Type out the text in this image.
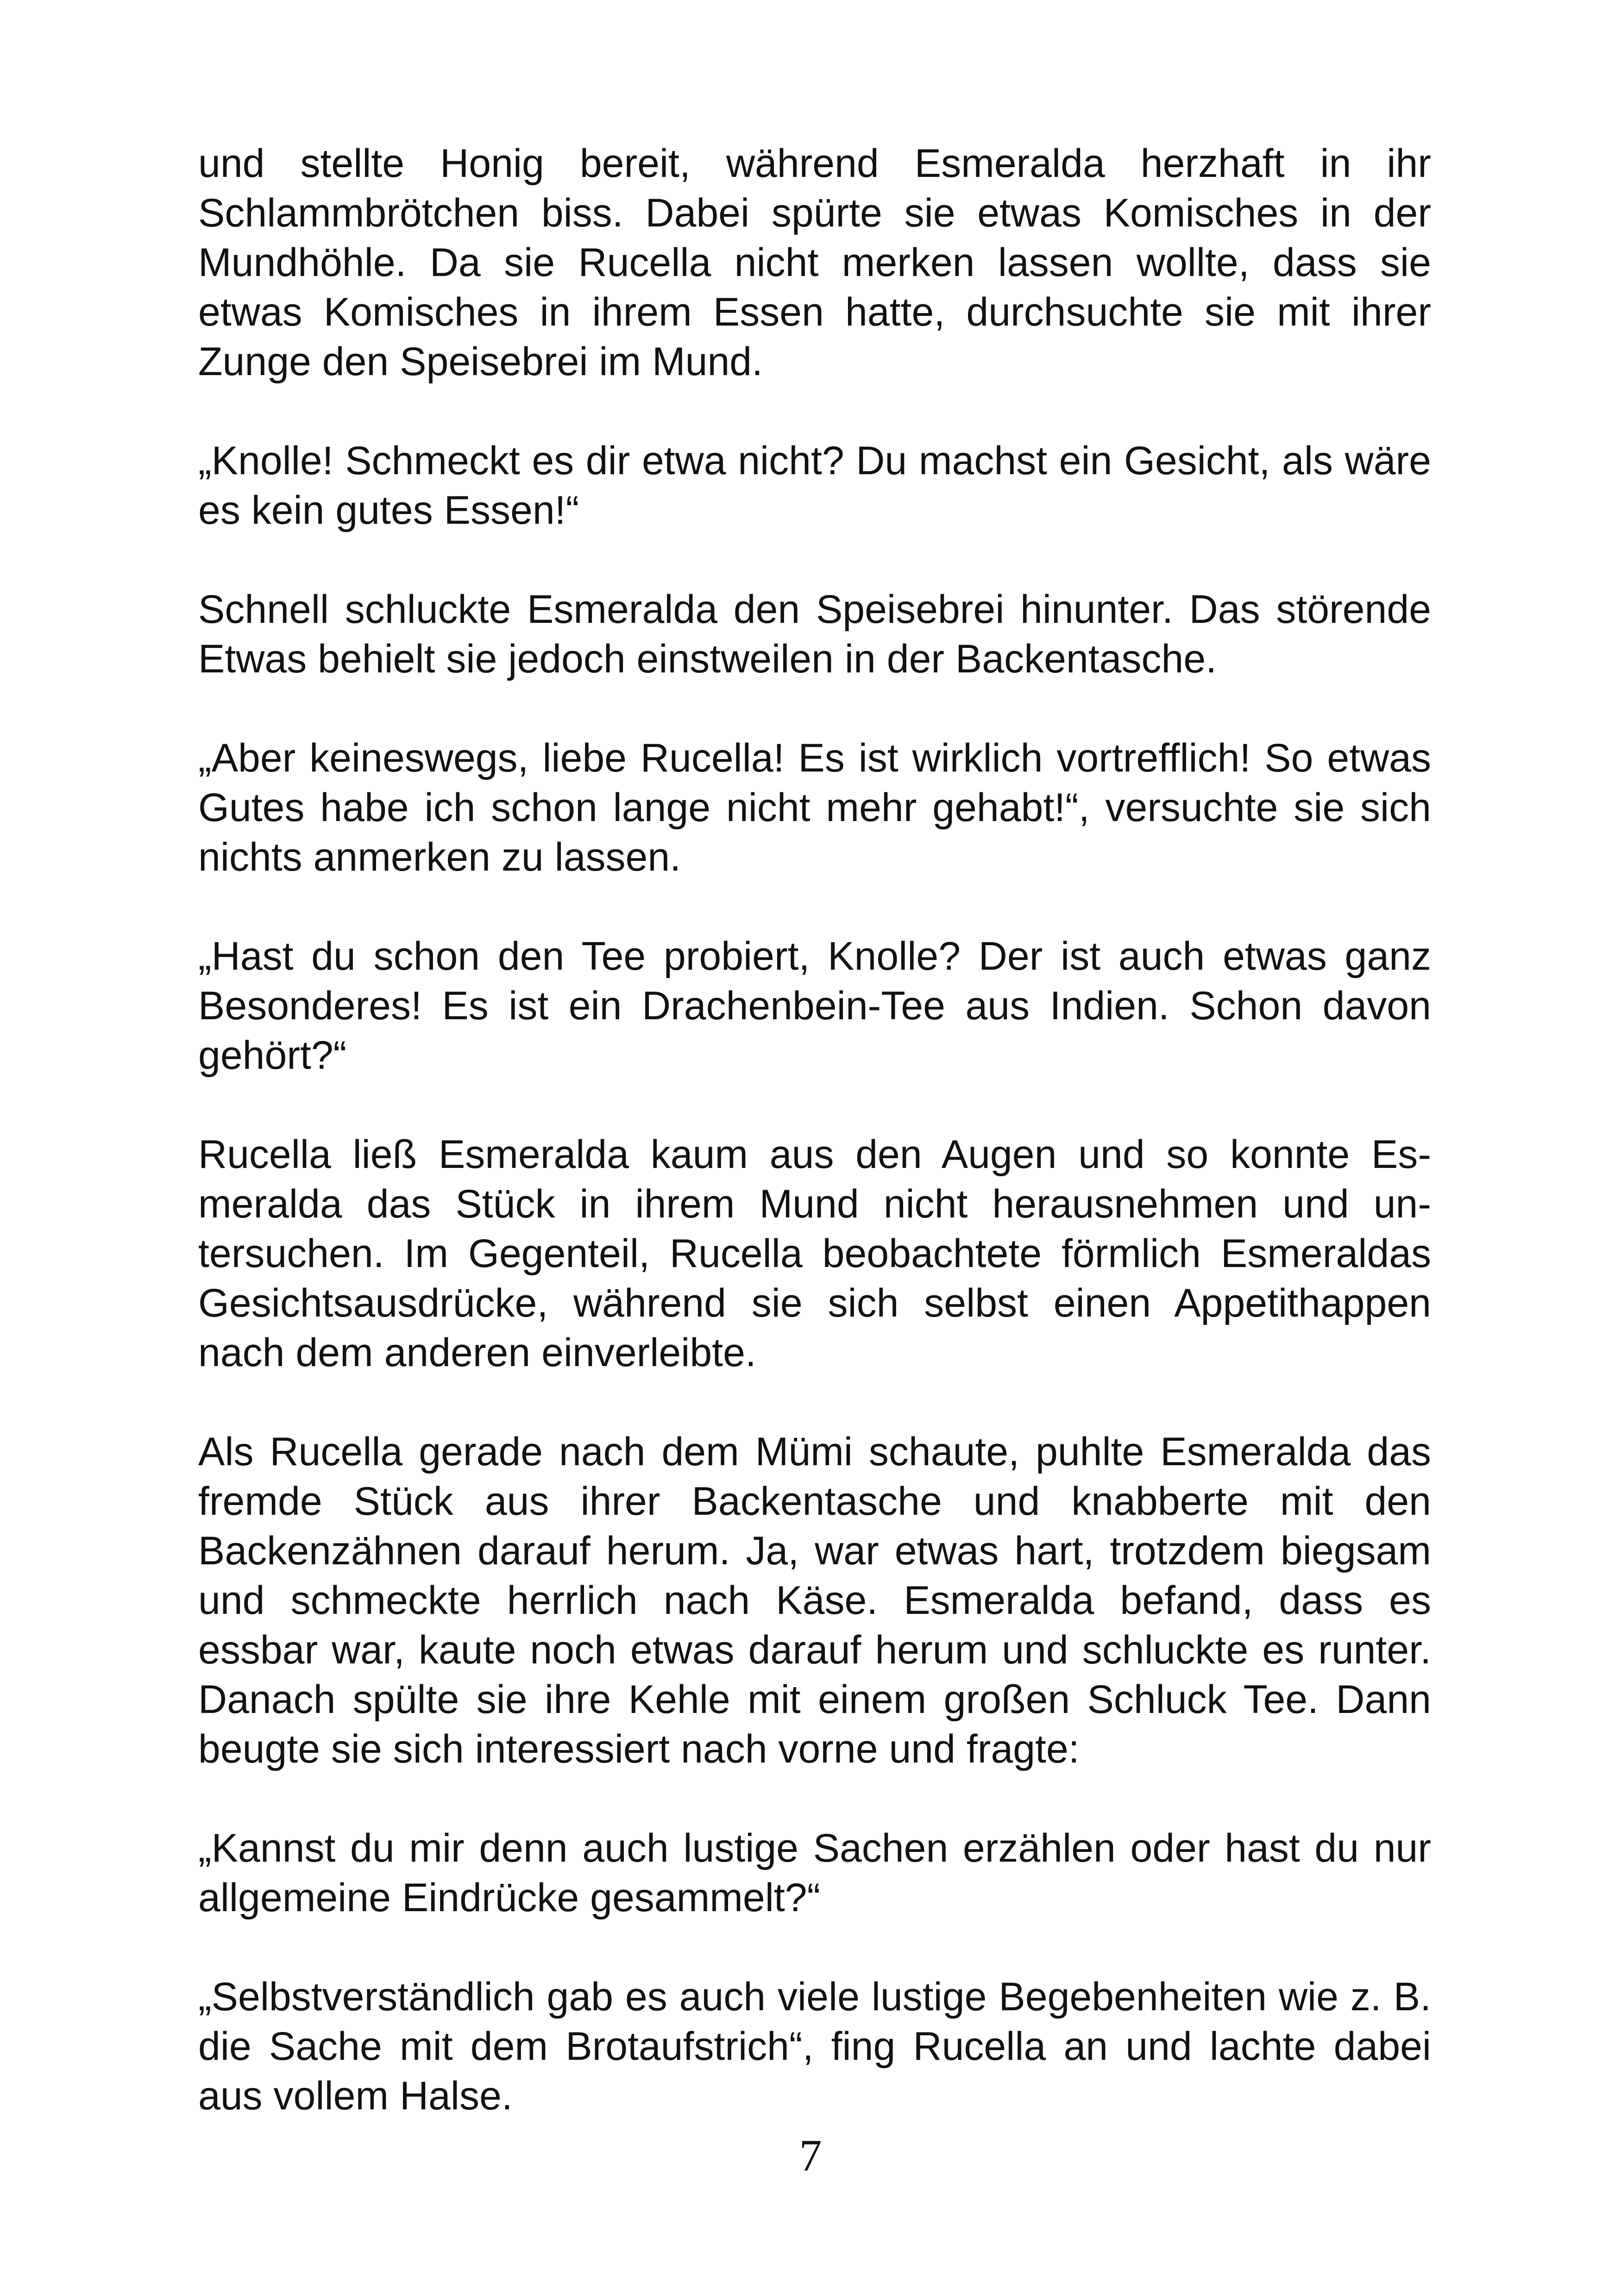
und stellte Honig bereit, während Esmeralda herzhaft in ihr Schlammbrötchen biss. Dabei spürte sie etwas Komisches in der Mundhöhle. Da sie Rucella nicht merken lassen wollte, dass sie etwas Komisches in ihrem Essen hatte, durchsuchte sie mit ihrer Zunge den Speisebrei im Mund.

„Knolle! Schmeckt es dir etwa nicht? Du machst ein Gesicht, als wäre es kein gutes Essen!“

Schnell schluckte Esmeralda den Speisebrei hinunter. Das störende Etwas behielt sie jedoch einstweilen in der Backentasche.

„Aber keineswegs, liebe Rucella! Es ist wirklich vortrefflich! So etwas Gutes habe ich schon lange nicht mehr gehabt!“, versuchte sie sich nichts anmerken zu lassen.

„Hast du schon den Tee probiert, Knolle? Der ist auch etwas ganz Besonderes! Es ist ein Drachenbein-Tee aus Indien. Schon davon gehört?“

Rucella ließ Esmeralda kaum aus den Augen und so konnte Esmeralda das Stück in ihrem Mund nicht herausnehmen und untersuchen. Im Gegenteil, Rucella beobachtete förmlich Esmeraldas Gesichtsausdrücke, während sie sich selbst einen Appetithappen nach dem anderen einverleibte.

Als Rucella gerade nach dem Mümi schaute, puhlte Esmeralda das fremde Stück aus ihrer Backentasche und knabberte mit den Backenzähnen darauf herum. Ja, war etwas hart, trotzdem biegsam und schmeckte herrlich nach Käse. Esmeralda befand, dass es essbar war, kaute noch etwas darauf herum und schluckte es runter. Danach spülte sie ihre Kehle mit einem großen Schluck Tee. Dann beugte sie sich interessiert nach vorne und fragte:

„Kannst du mir denn auch lustige Sachen erzählen oder hast du nur allgemeine Eindrücke gesammelt?“

„Selbstverständlich gab es auch viele lustige Begebenheiten wie z. B. die Sache mit dem Brotaufstrich“, fing Rucella an und lachte dabei aus vollem Halse.

7
